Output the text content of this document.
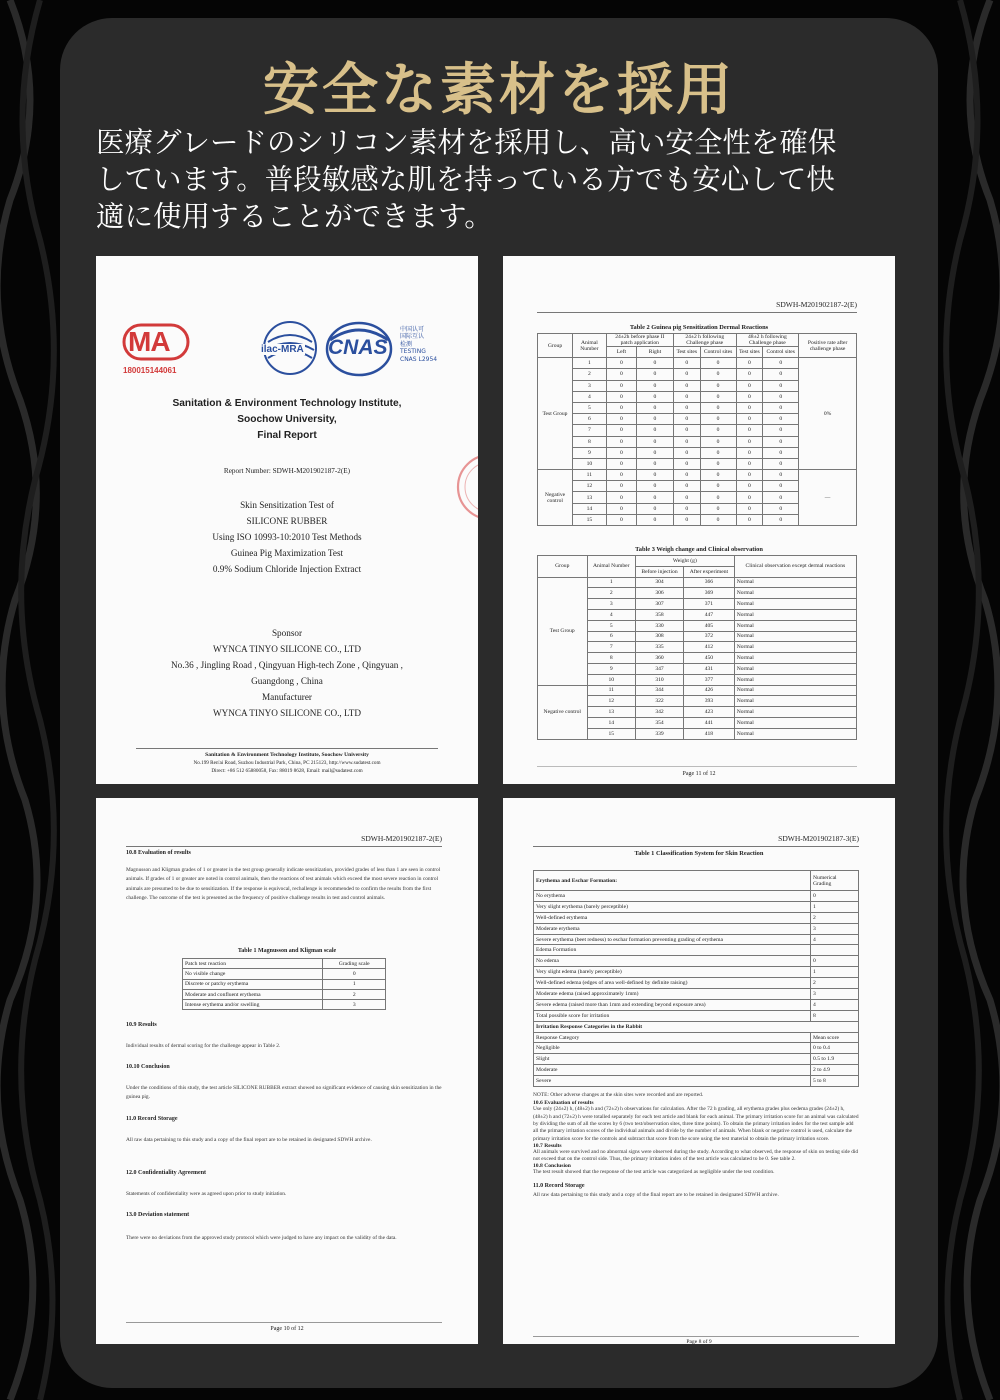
安全な素材を採用
医療グレードのシリコン素材を採用し、高い安全性を確保
しています。普段敏感な肌を持っている方でも安心して快
適に使用することができます。
MA
180015144061
ilac-MRA CNAS
中国认可
国际互认
检测
TESTING
CNAS L2954
Sanitation & Environment Technology Institute,
Soochow University,
Final Report
Report Number: SDWH-M201902187-2(E)
Skin Sensitization Test of
SILICONE RUBBER
Using ISO 10993-10:2010 Test Methods
Guinea Pig Maximization Test
0.9% Sodium Chloride Injection Extract
Sponsor
WYNCA TINYO SILICONE CO., LTD
No.36 , Jingling Road , Qingyuan High-tech Zone , Qingyuan ,
Guangdong , China
Manufacturer
WYNCA TINYO SILICONE CO., LTD
Sanitation & Environment Technology Institute, Soochow University
No.199 Ren'ai Road, Suzhou Industrial Park, China, PC 215123, http://www.sudatest.com
Direct: +86 512 65880058, Fax: 88019 8628, Email: mail@sudatest.com
SDWH-M201902187-2(E)
Table 2 Guinea pig Sensitization Dermal Reactions
Group	Animal Number	24±2h before phase II patch application		24±2 h following Challenge phase		48±2 h following Challenge phase		Positive rate after challenge phase
		Left	Right	Test sites	Control sites	Test sites	Control sites	
Test Group	1	0	0	0	0	0	0	0%
	2	0	0	0	0	0	0	
	3	0	0	0	0	0	0	
	4	0	0	0	0	0	0	
	5	0	0	0	0	0	0	
	6	0	0	0	0	0	0	
	7	0	0	0	0	0	0	
	8	0	0	0	0	0	0	
	9	0	0	0	0	0	0	
	10	0	0	0	0	0	0	
Negative control	11	0	0	0	0	0	0	—
	12	0	0	0	0	0	0	
	13	0	0	0	0	0	0	
	14	0	0	0	0	0	0	
	15	0	0	0	0	0	0	
Table 3 Weigh change and Clinical observation
Group	Animal Number	Weight (g)		Clinical observation except dermal reactions
		Before injection	After experiment	
Test Group	1	304	366	Normal
	2	306	369	Normal
	3	307	371	Normal
	4	358	447	Normal
	5	330	405	Normal
	6	308	372	Normal
	7	335	412	Normal
	8	360	450	Normal
	9	347	431	Normal
	10	310	377	Normal
Negative control	11	344	426	Normal
	12	322	393	Normal
	13	342	423	Normal
	14	354	441	Normal
	15	339	418	Normal
Page 11 of 12
SDWH-M201902187-2(E)
10.8 Evaluation of results
Magnusson and Kligman grades of 1 or greater in the test group generally indicate sensitization, provided grades of less than 1 are seen in control animals. If grades of 1 or greater are noted in control animals, then the reactions of test animals which exceed the most severe reaction in control animals are presumed to be due to sensitization. If the response is equivocal, rechallenge is recommended to confirm the results from the first challenge. The outcome of the test is presented as the frequency of positive challenge results in test and control animals.
Table 1 Magnusson and Kligman scale
Patch test reaction	Grading scale
No visible change	0
Discrete or patchy erythema	1
Moderate and confluent erythema	2
Intense erythema and/or swelling	3
10.9 Results
Individual results of dermal scoring for the challenge appear in Table 2.
10.10 Conclusion
Under the conditions of this study, the test article SILICONE RUBBER extract showed no significant evidence of causing skin sensitization in the guinea pig.
11.0 Record Storage
All raw data pertaining to this study and a copy of the final report are to be retained in designated SDWH archive.
12.0 Confidentiality Agreement
Statements of confidentiality were as agreed upon prior to study initiation.
13.0 Deviation statement
There were no deviations from the approved study protocol which were judged to have any impact on the validity of the data.
Page 10 of 12
SDWH-M201902187-3(E)
Table 1 Classification System for Skin Reaction
Erythema and Eschar Formation:	Numerical Grading
No erythema	0
Very slight erythema (barely perceptible)	1
Well-defined erythema	2
Moderate erythema	3
Severe erythema (beet redness) to eschar formation preventing grading of erythema	4
Edema Formation	
No edema	0
Very slight edema (barely perceptible)	1
Well-defined edema (edges of area well-defined by definite raising)	2
Moderate edema (raised approximately 1mm)	3
Severe edema (raised more than 1mm and extending beyond exposure area)	4
Total possible score for irritation	8
Irritation Response Categories in the Rabbit	
Response Category	Mean score
Negligible	0 to 0.4
Slight	0.5 to 1.9
Moderate	2 to 4.9
Severe	5 to 8
NOTE: Other adverse changes at the skin sites were recorded and are reported.
10.6 Evaluation of results
Use only (24±2) h, (48±2) h and (72±2) h observations for calculation. After the 72 h grading, all erythema grades plus oedema grades (24±2) h, (48±2) h and (72±2) h were totalled separately for each test article and blank for each animal. The primary irritation score for an animal was calculated by dividing the sum of all the scores by 6 (two test/observation sites, three time points). To obtain the primary irritation index for the test sample add all the primary irritation scores of the individual animals and divide by the number of animals. When blank or negative control is used, calculate the primary irritation score for the controls and subtract that score from the score using the test material to obtain the primary irritation score.
10.7 Results
All animals were survived and no abnormal signs were observed during the study. According to what observed, the response of skin on testing side did not exceed that on the control side. Thus, the primary irritation index of the test article was calculated to be 0. See table 2.
10.8 Conclusion
The test result showed that the response of the test article was categorized as negligible under the test condition.
11.0 Record Storage
All raw data pertaining to this study and a copy of the final report are to be retained in designated SDWH archive.
Page 8 of 9
